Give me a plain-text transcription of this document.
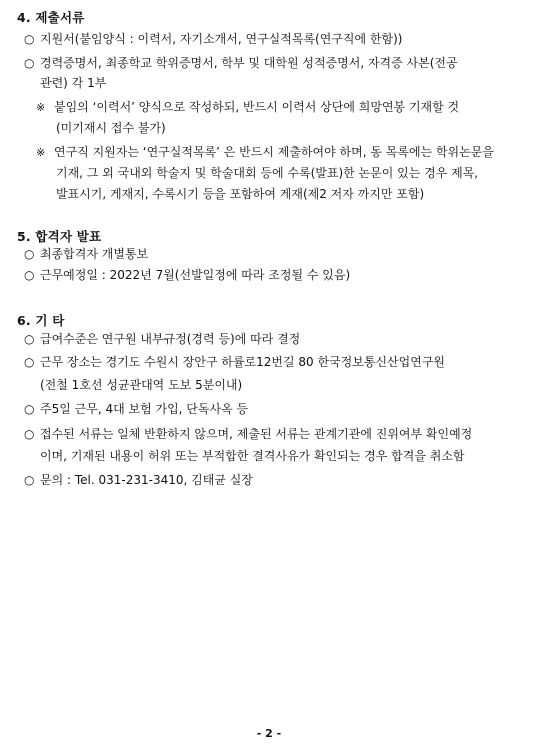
4. 제출서류
○ 지원서(붙임양식 : 이력서, 자기소개서, 연구실적목록(연구직에 한함))
○ 경력증명서, 최종학교 학위증명서, 학부 및 대학원 성적증명서, 자격증 사본(전공
관련) 각 1부
※ 붙임의 ‘이력서’ 양식으로 작성하되, 반드시 이력서 상단에 희망연봉 기재할 것
(미기재시 접수 불가)
※ 연구직 지원자는 ‘연구실적목록’ 은 반드시 제출하여야 하며, 동 목록에는 학위논문을
기재, 그 외 국내외 학술지 및 학술대회 등에 수록(발표)한 논문이 있는 경우 제목,
발표시기, 게재지, 수록시기 등을 포함하여 게재(제2 저자 까지만 포함)
5. 합격자 발표
○ 최종합격자 개별통보
○ 근무예정일 : 2022년 7월(선발일정에 따라 조정될 수 있음)
6. 기 타
○ 급여수준은 연구원 내부규정(경력 등)에 따라 결정
○ 근무 장소는 경기도 수원시 장안구 하률로12번길 80 한국정보통신산업연구원
(전철 1호선 성균관대역 도보 5분이내)
○ 주5일 근무, 4대 보험 가입, 단독사옥 등
○ 접수된 서류는 일체 반환하지 않으며, 제출된 서류는 관계기관에 진위여부 확인예정
이며, 기재된 내용이 허위 또는 부적합한 결격사유가 확인되는 경우 합격을 취소함
○ 문의 : Tel. 031-231-3410, 김태균 실장
- 2 -
